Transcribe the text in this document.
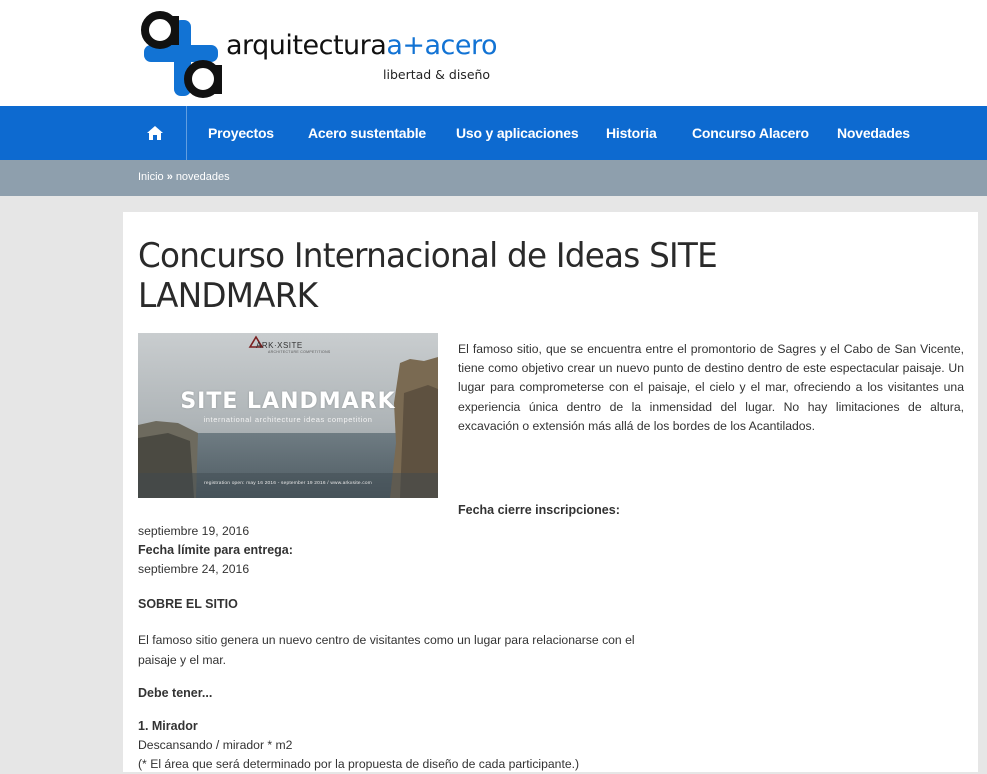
arquitecturaa+acero
libertad & diseño
Proyectos Acero sustentable Uso y aplicaciones Historia	Concurso Alacero Novedades
Inicio » novedades
Concurso Internacional de Ideas SITE LANDMARK
ARK·XSITE
ARCHITECTURE COMPETITIONS
SITE LANDMARK
international architecture ideas competition
registration open: may 16 2016 - september 19 2016 / www.arkxsite.com

El famoso sitio, que se encuentra entre el promontorio de Sagres y el Cabo de San Vicente, tiene como objetivo crear un nuevo punto de destino dentro de este espectacular paisaje. Un lugar para comprometerse con el paisaje, el cielo y el mar, ofreciendo a los visitantes una experiencia única dentro de la inmensidad del lugar. No hay limitaciones de altura, excavación o extensión más allá de los bordes de los Acantilados.

Fecha cierre inscripciones:
septiembre 19, 2016
Fecha límite para entrega:
septiembre 24, 2016
SOBRE EL SITIO
El famoso sitio genera un nuevo centro de visitantes como un lugar para relacionarse con el
paisaje y el mar.
Debe tener...
1. Mirador
Descansando / mirador * m2
(* El área que será determinado por la propuesta de diseño de cada participante.)
